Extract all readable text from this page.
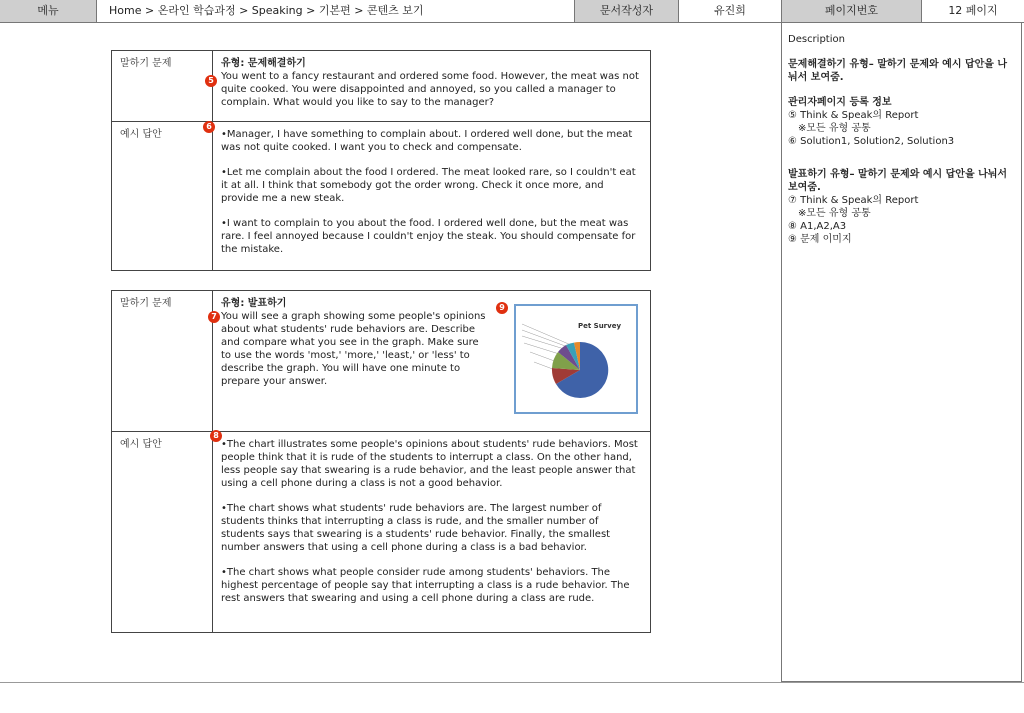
메뉴	Home > 온라인 학습과정 > Speaking > 기본편 > 콘텐츠 보기	문서작성자	유진희	페이지번호	12 페이지
말하기 문제	유형: 문제해결하기
You went to a fancy restaurant and ordered some food. However, the meat was not quite cooked. You were disappointed and annoyed, so you called a manager to complain. What would you like to say to the manager?

예시 답안	•Manager, I have something to complain about. I ordered well done, but the meat was not quite cooked. I want you to check and compensate.

•Let me complain about the food I ordered. The meat looked rare, so I couldn't eat it at all. I think that somebody got the order wrong. Check it once more, and provide me a new steak.

•I want to complain to you about the food. I ordered well done, but the meat was rare. I feel annoyed because I couldn't enjoy the steak. You should compensate for the mistake.

말하기 문제	유형: 발표하기
You will see a graph showing some people's opinions about what students' rude behaviors are. Describe and compare what you see in the graph. Make sure to use the words 'most,' 'more,' 'least,' or 'less' to describe the graph. You will have one minute to prepare your answer.

예시 답안	•The chart illustrates some people's opinions about students' rude behaviors. Most people think that it is rude of the students to interrupt a class. On the other hand, less people say that swearing is a rude behavior, and the least people answer that using a cell phone during a class is not a good behavior.

•The chart shows what students' rude behaviors are. The largest number of students thinks that interrupting a class is rude, and the smaller number of students says that swearing is a students' rude behavior. Finally, the smallest number answers that using a cell phone during a class is a bad behavior.

•The chart shows what people consider rude among students' behaviors. The highest percentage of people say that interrupting a class is a rude behavior. The rest answers that swearing and using a cell phone during a class are rude.

Pet Survey
5
6
7
8
9

Description

문제해결하기 유형– 말하기 문제와 예시 답안을 나눠서 보여줌.

관리자페이지 등록 정보

⑤ Think & Speak의 Report

※모든 유형 공통

⑥ Solution1, Solution2, Solution3

발표하기 유형– 말하기 문제와 예시 답안을 나눠서 보여줌.

⑦ Think & Speak의 Report

※모든 유형 공통

⑧ A1,A2,A3

⑨ 문제 이미지
